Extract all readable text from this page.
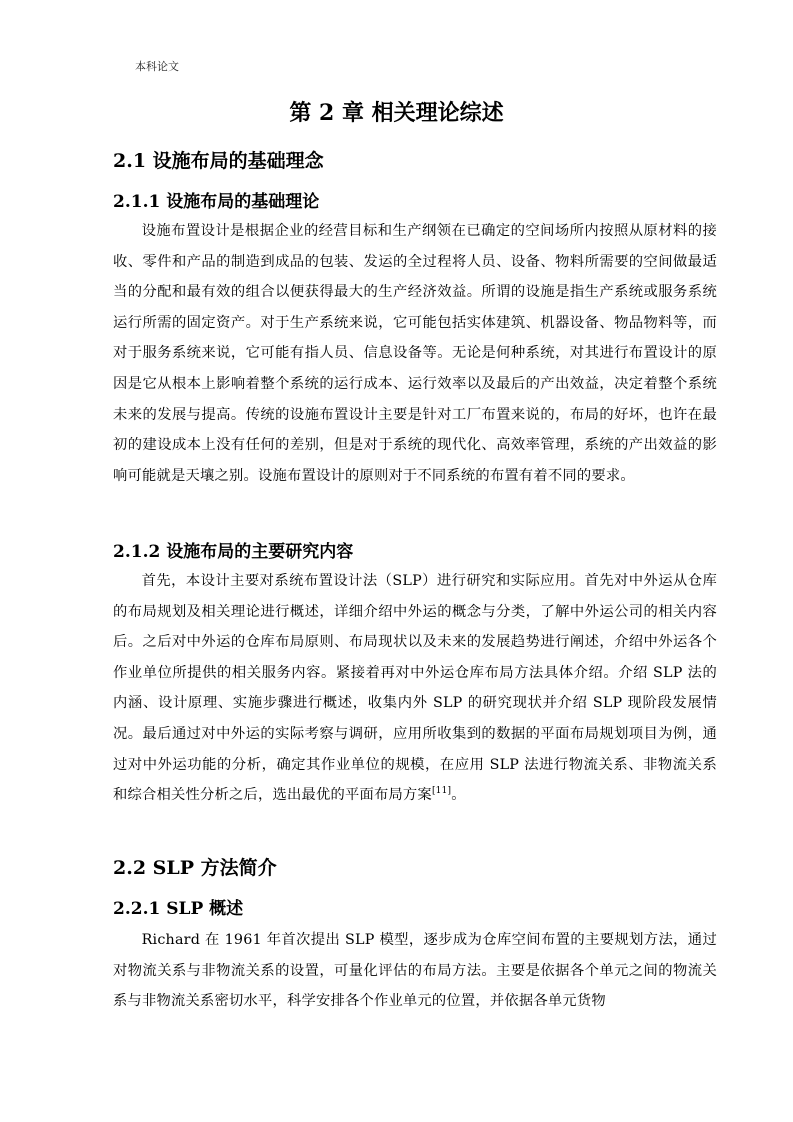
本科论文
第 2 章 相关理论综述
2.1 设施布局的基础理念
2.1.1 设施布局的基础理论

设施布置设计是根据企业的经营目标和生产纲领在已确定的空间场所内按照从原材料的接收、零件和产品的制造到成品的包装、发运的全过程将人员、设备、物料所需要的空间做最适当的分配和最有效的组合以便获得最大的生产经济效益。所谓的设施是指生产系统或服务系统运行所需的固定资产。对于生产系统来说，它可能包括实体建筑、机器设备、物品物料等，而对于服务系统来说，它可能有指人员、信息设备等。无论是何种系统，对其进行布置设计的原因是它从根本上影响着整个系统的运行成本、运行效率以及最后的产出效益，决定着整个系统未来的发展与提高。传统的设施布置设计主要是针对工厂布置来说的，布局的好坏，也许在最初的建设成本上没有任何的差别，但是对于系统的现代化、高效率管理，系统的产出效益的影响可能就是天壤之别。设施布置设计的原则对于不同系统的布置有着不同的要求。

2.1.2 设施布局的主要研究内容

首先，本设计主要对系统布置设计法（SLP）进行研究和实际应用。首先对中外运从仓库的布局规划及相关理论进行概述，详细介绍中外运的概念与分类，了解中外运公司的相关内容后。之后对中外运的仓库布局原则、布局现状以及未来的发展趋势进行阐述，介绍中外运各个作业单位所提供的相关服务内容。紧接着再对中外运仓库布局方法具体介绍。介绍 SLP 法的内涵、设计原理、实施步骤进行概述，收集内外 SLP 的研究现状并介绍 SLP 现阶段发展情况。最后通过对中外运的实际考察与调研，应用所收集到的数据的平面布局规划项目为例，通过对中外运功能的分析，确定其作业单位的规模，在应用 SLP 法进行物流关系、非物流关系和综合相关性分析之后，选出最优的平面布局方案[11]。

2.2 SLP 方法简介
2.2.1 SLP 概述

Richard 在 1961 年首次提出 SLP 模型，逐步成为仓库空间布置的主要规划方法，通过对物流关系与非物流关系的设置，可量化评估的布局方法。主要是依据各个单元之间的物流关系与非物流关系密切水平，科学安排各个作业单元的位置，并依据各单元货物
